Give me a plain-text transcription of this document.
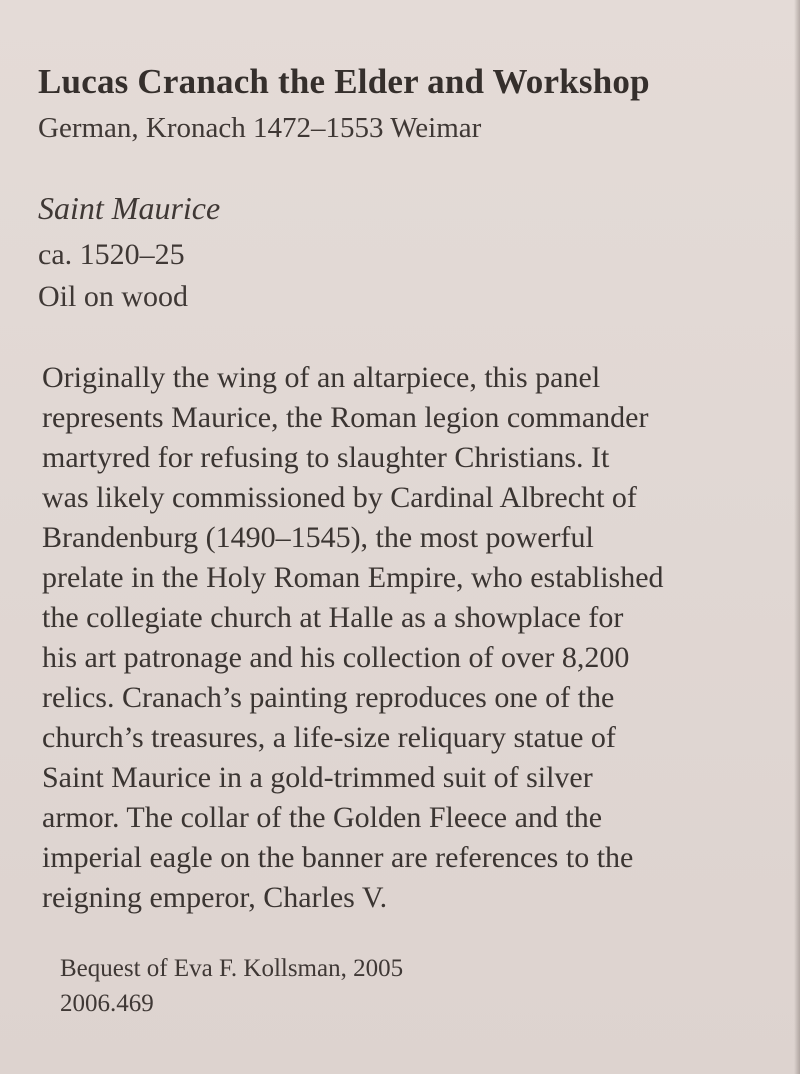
Lucas Cranach the Elder and Workshop
German, Kronach 1472–1553 Weimar
Saint Maurice
ca. 1520–25
Oil on wood
Originally the wing of an altarpiece, this panel
represents Maurice, the Roman legion commander
martyred for refusing to slaughter Christians. It
was likely commissioned by Cardinal Albrecht of
Brandenburg (1490–1545), the most powerful
prelate in the Holy Roman Empire, who established
the collegiate church at Halle as a showplace for
his art patronage and his collection of over 8,200
relics. Cranach’s painting reproduces one of the
church’s treasures, a life-size reliquary statue of
Saint Maurice in a gold-trimmed suit of silver
armor. The collar of the Golden Fleece and the
imperial eagle on the banner are references to the
reigning emperor, Charles V.
Bequest of Eva F. Kollsman, 2005
2006.469
